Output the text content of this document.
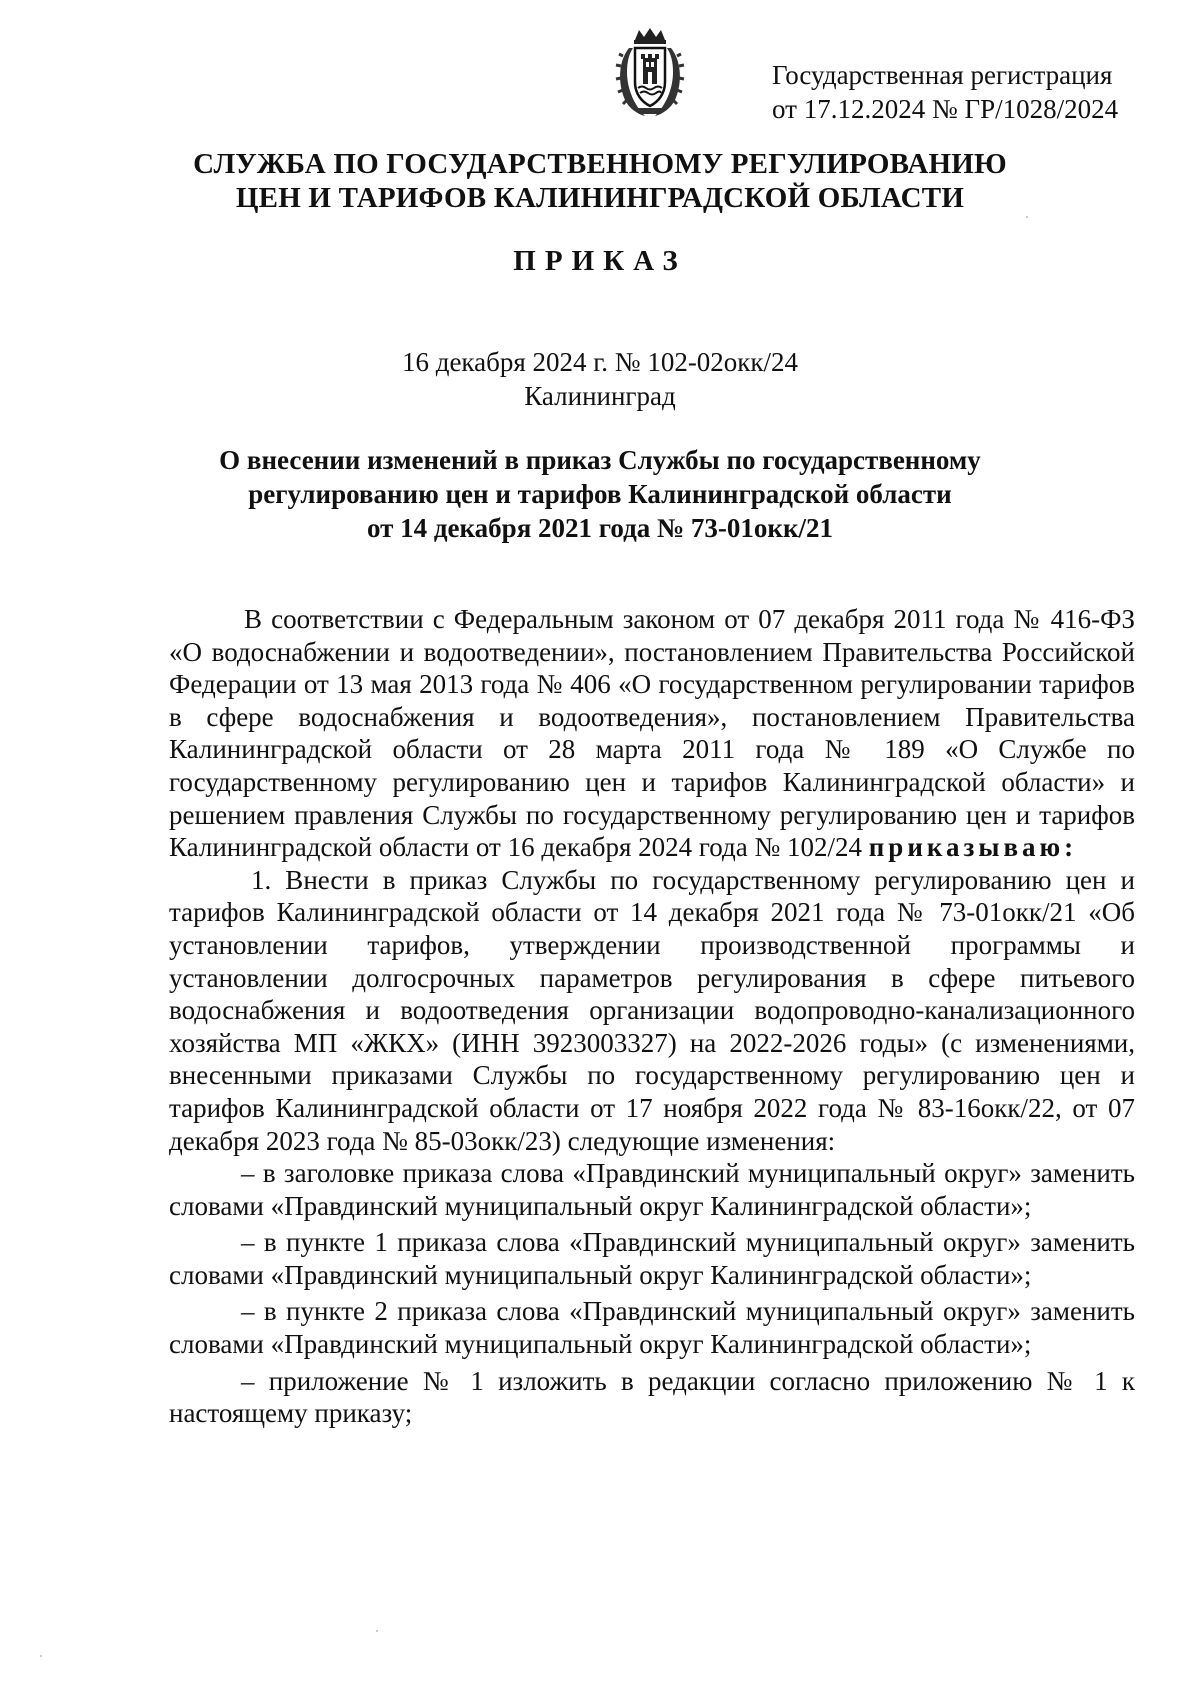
Государственная регистрация
от 17.12.2024 № ГР/1028/2024
СЛУЖБА ПО ГОСУДАРСТВЕННОМУ РЕГУЛИРОВАНИЮ
ЦЕН И ТАРИФОВ КАЛИНИНГРАДСКОЙ ОБЛАСТИ
ПРИКАЗ
16 декабря 2024 г. № 102-02окк/24
Калининград
О внесении изменений в приказ Службы по государственному
регулированию цен и тарифов Калининградской области
от 14 декабря 2021 года № 73-01окк/21

В соответствии с Федеральным законом от 07 декабря 2011 года № 416-ФЗ «О водоснабжении и водоотведении», постановлением Правительства Российской Федерации от 13 мая 2013 года № 406 «О государственном регулировании тарифов в сфере водоснабжения и водоотведения», постановлением Правительства Калининградской области от 28 марта 2011 года № 189 «О Службе по государственному регулированию цен и тарифов Калининградской области» и решением правления Службы по государственному регулированию цен и тарифов Калининградской области от 16 декабря 2024 года № 102/24 приказываю:

1. Внести в приказ Службы по государственному регулированию цен и тарифов Калининградской области от 14 декабря 2021 года № 73-01окк/21 «Об установлении тарифов, утверждении производственной программы и установлении долгосрочных параметров регулирования в сфере питьевого водоснабжения и водоотведения организации водопроводно-канализационного хозяйства МП «ЖКХ» (ИНН 3923003327) на 2022-2026 годы» (с изменениями, внесенными приказами Службы по государственному регулированию цен и тарифов Калининградской области от 17 ноября 2022 года № 83-16окк/22, от 07 декабря 2023 года № 85-03окк/23) следующие изменения:

– в заголовке приказа слова «Правдинский муниципальный округ» заменить словами «Правдинский муниципальный округ Калининградской области»;

– в пункте 1 приказа слова «Правдинский муниципальный округ» заменить словами «Правдинский муниципальный округ Калининградской области»;

– в пункте 2 приказа слова «Правдинский муниципальный округ» заменить словами «Правдинский муниципальный округ Калининградской области»;

– приложение № 1 изложить в редакции согласно приложению № 1 к настоящему приказу;
